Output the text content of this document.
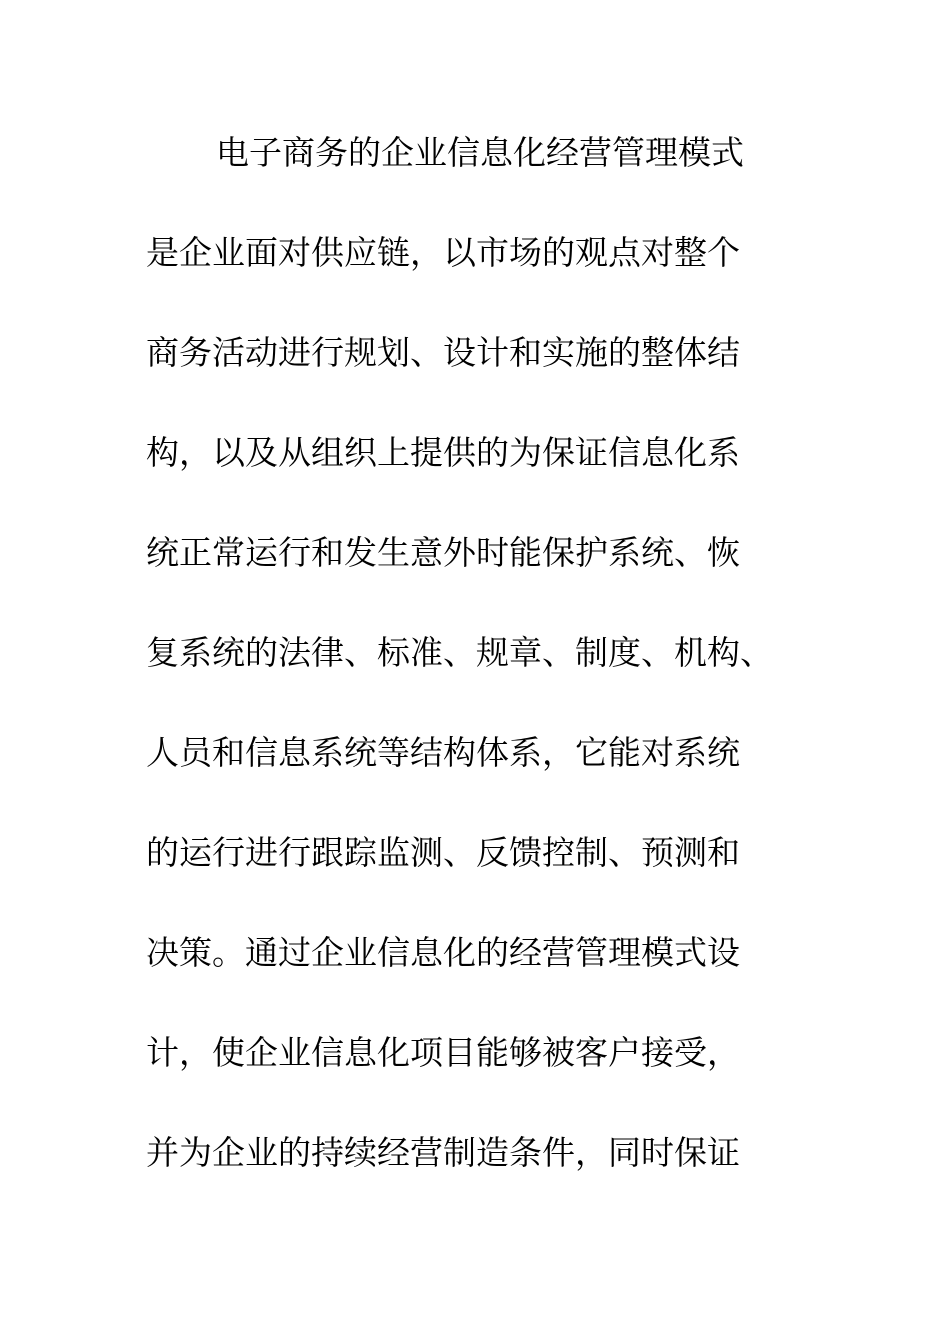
电子商务的企业信息化经营管理模式
是企业面对供应链，以市场的观点对整个
商务活动进行规划、设计和实施的整体结
构，以及从组织上提供的为保证信息化系
统正常运行和发生意外时能保护系统、恢
复系统的法律、标准、规章、制度、机构、
人员和信息系统等结构体系，它能对系统
的运行进行跟踪监测、反馈控制、预测和
决策。通过企业信息化的经营管理模式设
计，使企业信息化项目能够被客户接受，
并为企业的持续经营制造条件，同时保证
